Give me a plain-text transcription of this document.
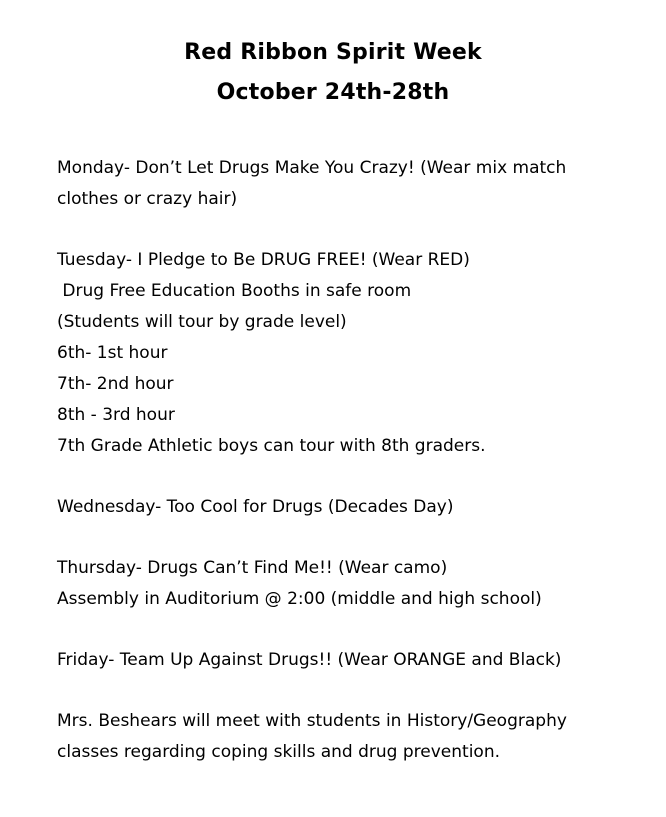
Red Ribbon Spirit Week
October 24th-28th
Monday- Don’t Let Drugs Make You Crazy! (Wear mix match
clothes or crazy hair)
Tuesday- I Pledge to Be DRUG FREE! (Wear RED)
Drug Free Education Booths in safe room
(Students will tour by grade level)
6th- 1st hour
7th- 2nd hour
8th - 3rd hour
7th Grade Athletic boys can tour with 8th graders.
Wednesday- Too Cool for Drugs (Decades Day)
Thursday- Drugs Can’t Find Me!! (Wear camo)
Assembly in Auditorium @ 2:00 (middle and high school)
Friday- Team Up Against Drugs!! (Wear ORANGE and Black)
Mrs. Beshears will meet with students in History/Geography
classes regarding coping skills and drug prevention.
